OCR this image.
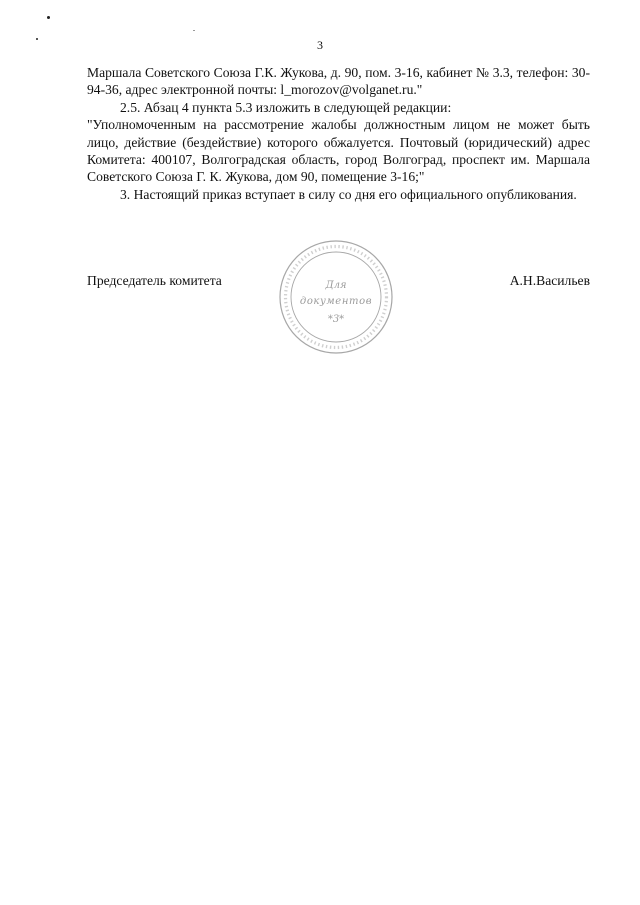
3

Маршала Советского Союза Г.К. Жукова, д. 90, пом. 3-16, кабинет № 3.3, телефон: 30-94-36, адрес электронной почты: l_morozov@volganet.ru."

2.5. Абзац 4 пункта 5.3 изложить в следующей редакции:

"Уполномоченным на рассмотрение жалобы должностным лицом не может быть лицо, действие (бездействие) которого обжалуется. Почтовый (юридический) адрес Комитета: 400107, Волгоградская область, город Волгоград, проспект им. Маршала Советского Союза Г. К. Жукова, дом 90, помещение 3-16;"

3. Настоящий приказ вступает в силу со дня его официального опубликования.

Председатель комитета	А.Н.Васильев
Для
документов
*3*
